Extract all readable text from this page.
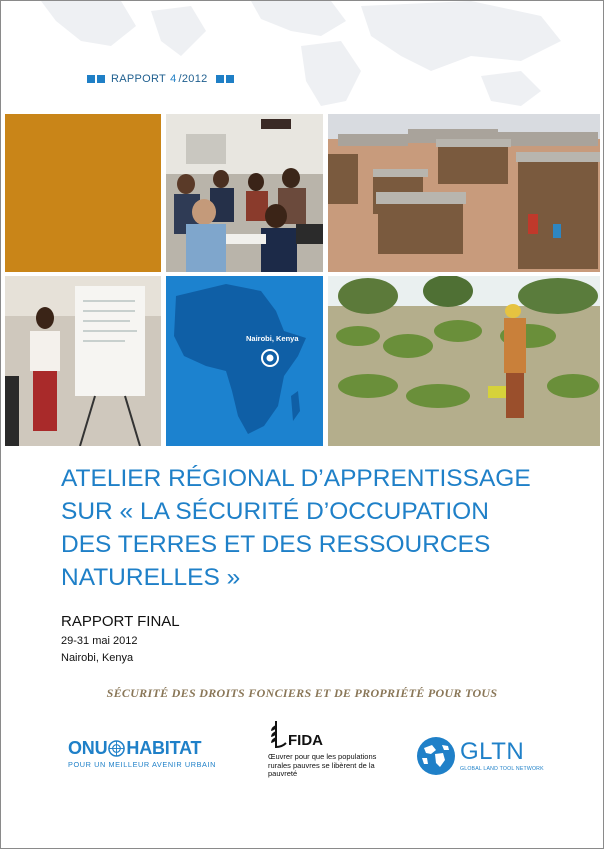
RAPPORT 4 /2012
Nairobi, Kenya
ATELIER RÉGIONAL D’APPRENTISSAGE
SUR « LA SÉCURITÉ D’OCCUPATION
DES TERRES ET DES RESSOURCES
NATURELLES »
RAPPORT FINAL
29-31 mai 2012
Nairobi, Kenya
SÉCURITÉ DES DROITS FONCIERS ET DE PROPRIÉTÉ POUR TOUS
ONU HABITAT
POUR UN MEILLEUR AVENIR URBAIN
FIDA
Œuvrer pour que les populations rurales pauvres se libèrent de la pauvreté
GLTN
GLOBAL LAND TOOL NETWORK
